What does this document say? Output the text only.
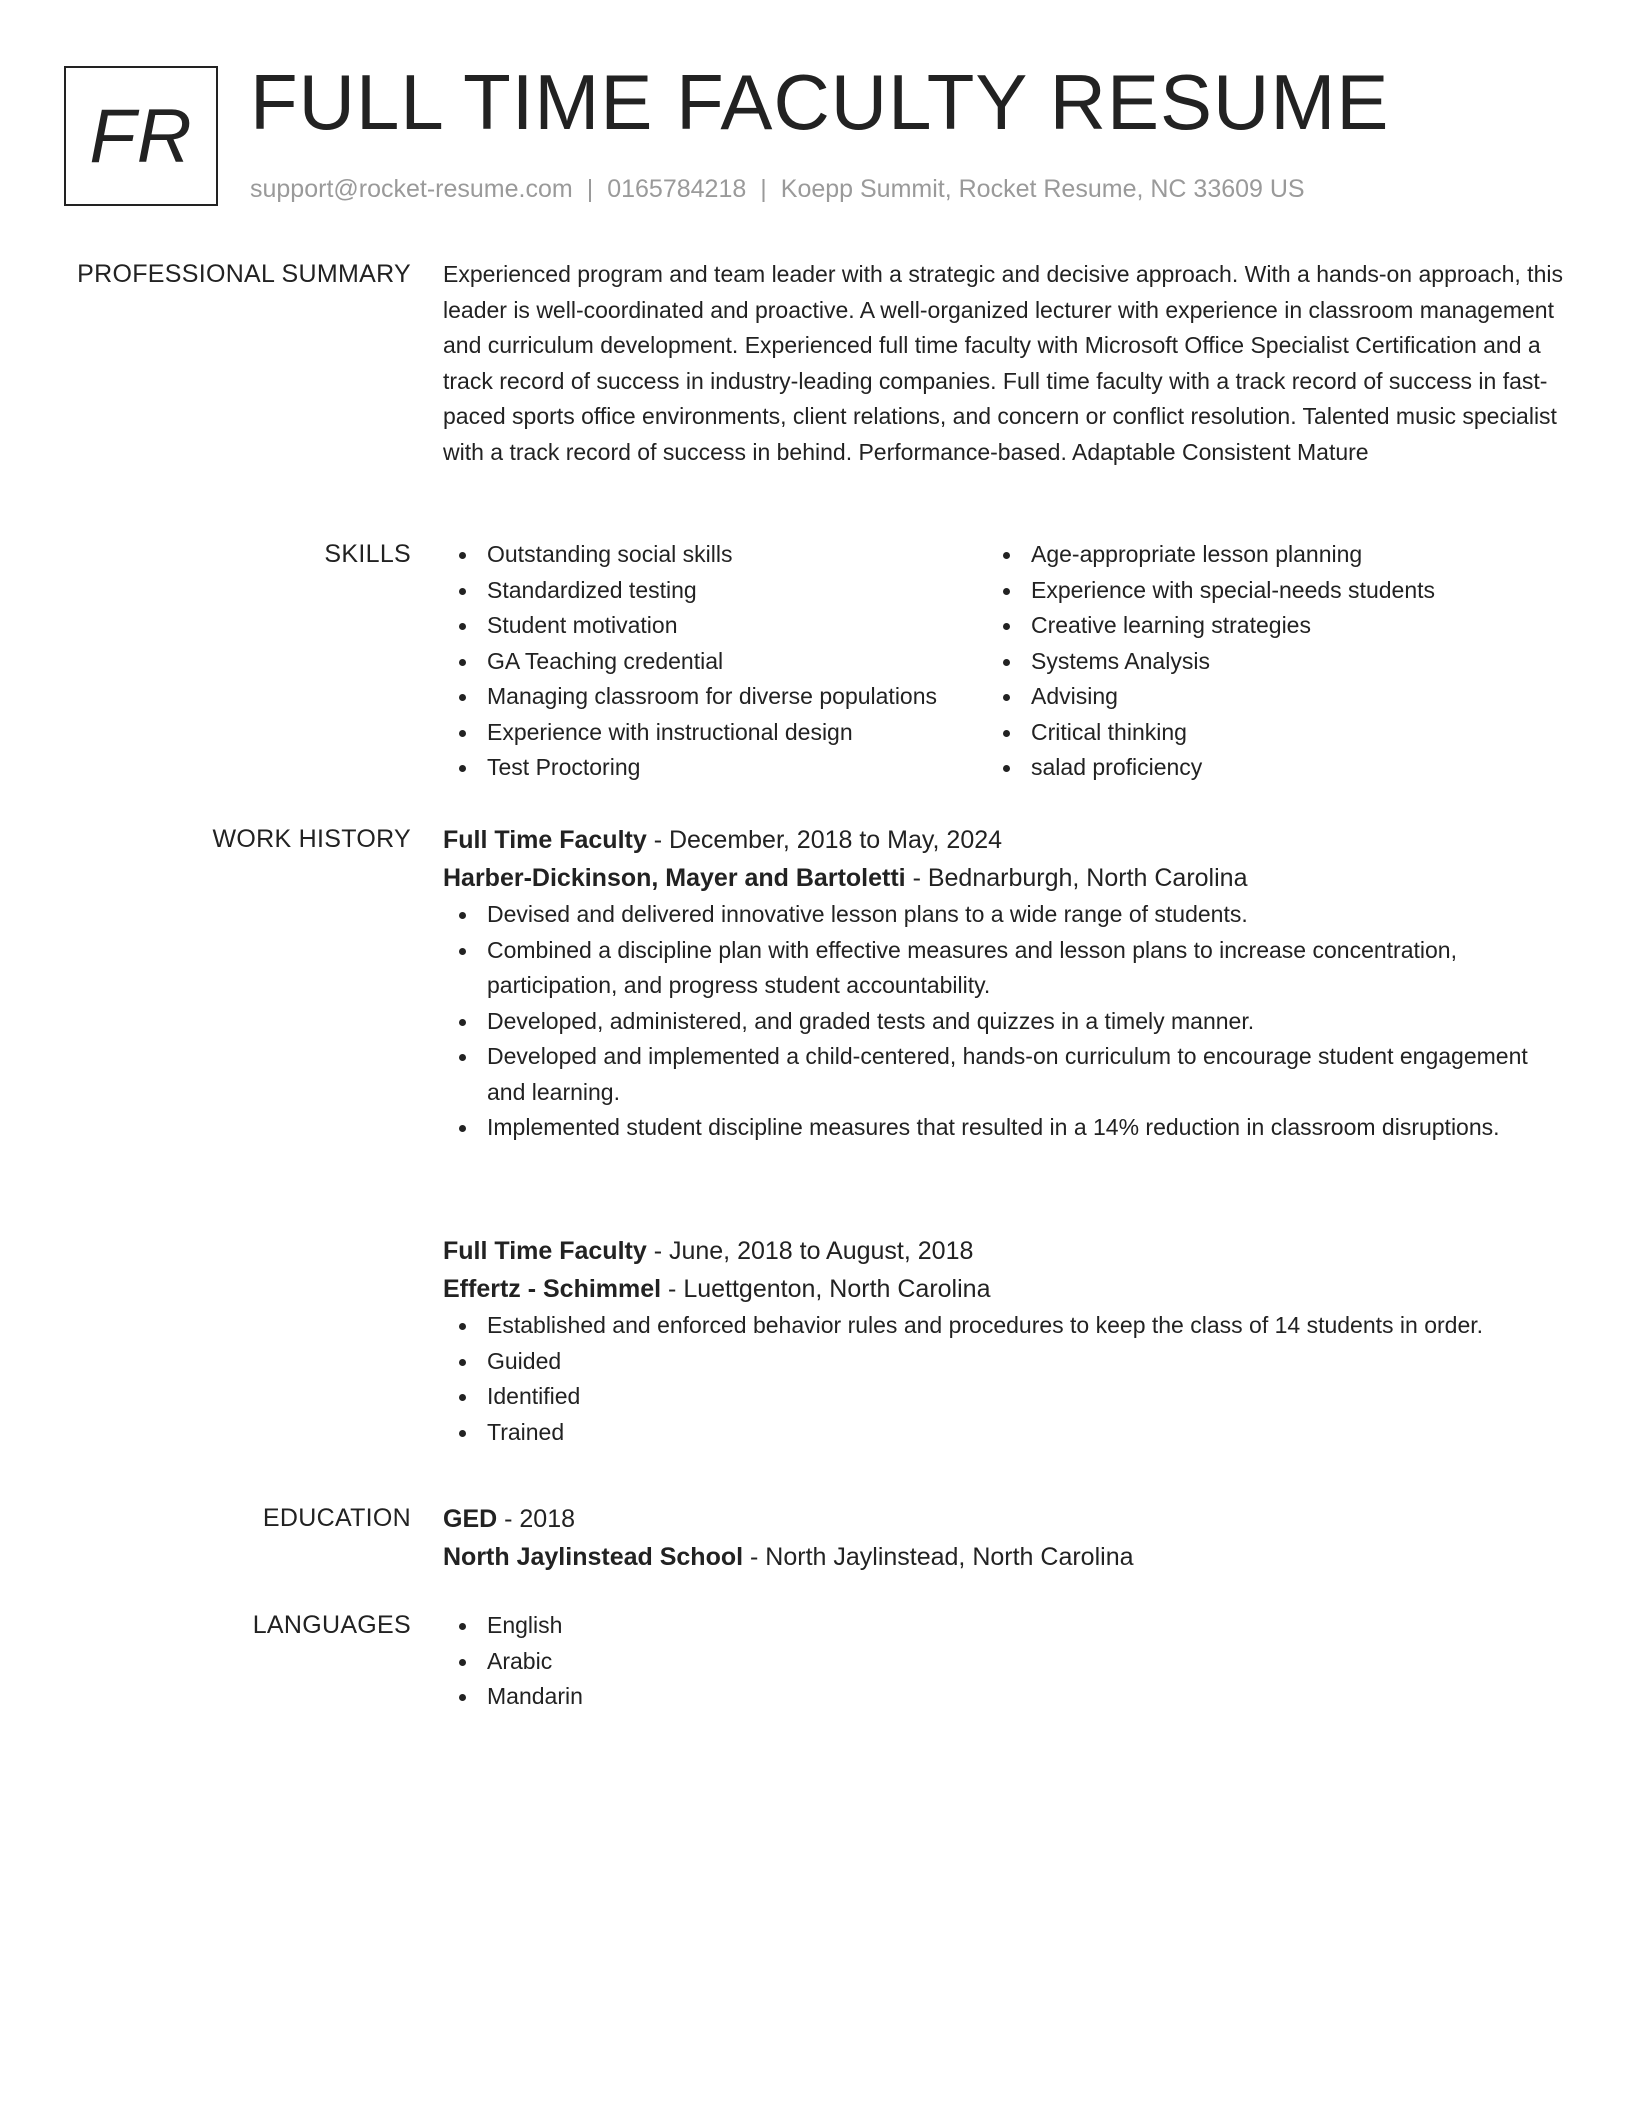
FR FULL TIME FACULTY RESUME
support@rocket-resume.com | 0165784218 | Koepp Summit, Rocket Resume, NC 33609 US
PROFESSIONAL SUMMARY Experienced program and team leader with a strategic and decisive approach. With a hands-on approach, this leader is well-coordinated and proactive. A well-organized lecturer with experience in classroom management and curriculum development. Experienced full time faculty with Microsoft Office Specialist Certification and a track record of success in industry-leading companies. Full time faculty with a track record of success in fast-paced sports office environments, client relations, and concern or conflict resolution. Talented music specialist with a track record of success in behind. Performance-based. Adaptable Consistent Mature

SKILLS	Outstanding social skills
Standardized testing
Student motivation
GA Teaching credential
Managing classroom for diverse populations
Experience with instructional design
Test Proctoring
Age-appropriate lesson planning
Experience with special-needs students
Creative learning strategies
Systems Analysis
Advising
Critical thinking
salad proficiency
WORK HISTORY Full Time Faculty - December, 2018 to May, 2024
Harber-Dickinson, Mayer and Bartoletti - Bednarburgh, North Carolina
Devised and delivered innovative lesson plans to a wide range of students.
Combined a discipline plan with effective measures and lesson plans to increase concentration, participation, and progress student accountability.
Developed, administered, and graded tests and quizzes in a timely manner.
Developed and implemented a child-centered, hands-on curriculum to encourage student engagement and learning.
Implemented student discipline measures that resulted in a 14% reduction in classroom disruptions.
Full Time Faculty - June, 2018 to August, 2018
Effertz - Schimmel - Luettgenton, North Carolina
Established and enforced behavior rules and procedures to keep the class of 14 students in order.
Guided
Identified
Trained
EDUCATION GED - 2018
North Jaylinstead School - North Jaylinstead, North Carolina
LANGUAGES	English
Arabic
Mandarin
